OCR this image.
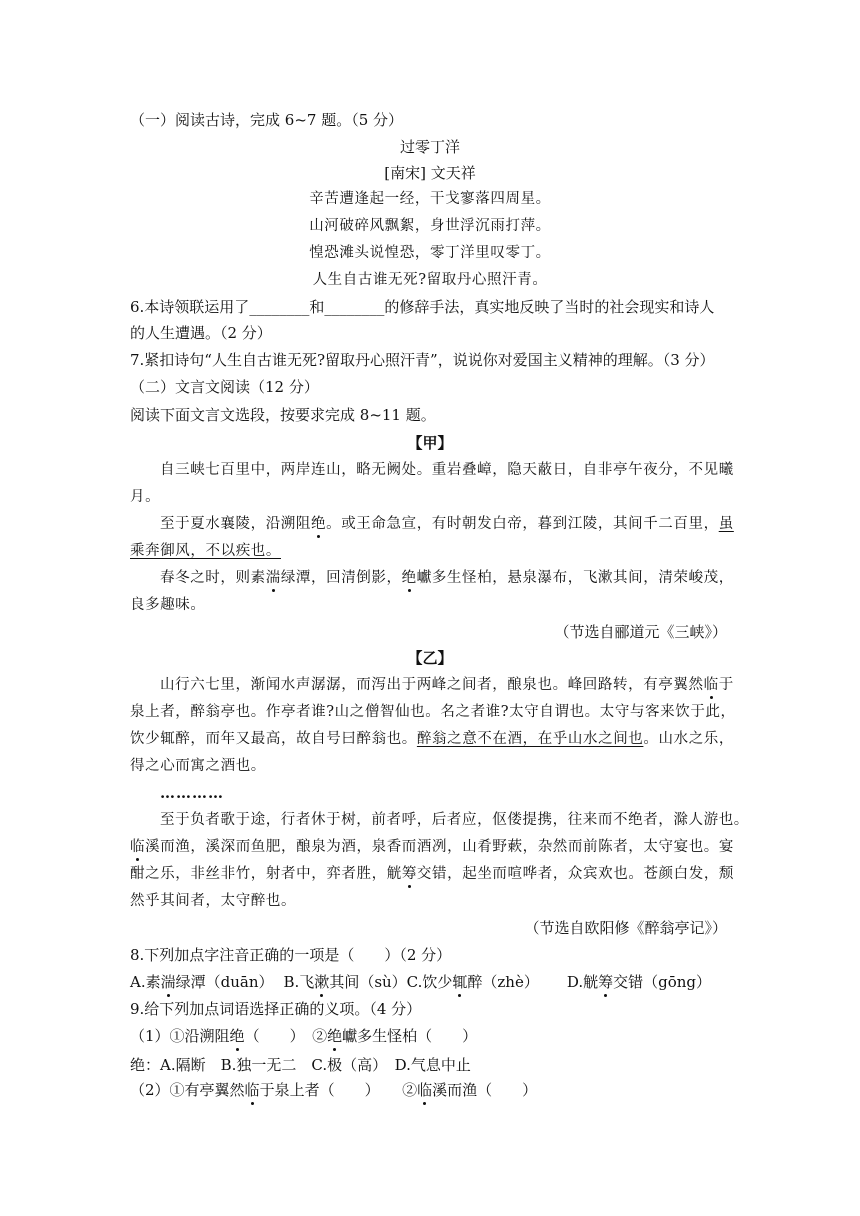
（一）阅读古诗，完成 6~7 题。（5 分）
过零丁洋
[南宋] 文天祥
辛苦遭逢起一经，干戈寥落四周星。
山河破碎风飘絮，身世浮沉雨打萍。
惶恐滩头说惶恐，零丁洋里叹零丁。
人生自古谁无死?留取丹心照汗青。
6.本诗领联运用了________和________的修辞手法，真实地反映了当时的社会现实和诗人
的人生遭遇。（2 分）
7.紧扣诗句“人生自古谁无死?留取丹心照汗青”，说说你对爱国主义精神的理解。（3 分）
（二）文言文阅读（12 分）
阅读下面文言文选段，按要求完成 8~11 题。
【甲】
自三峡七百里中，两岸连山，略无阙处。重岩叠嶂，隐天蔽日，自非亭午夜分，不见曦
月。
至于夏水襄陵，沿溯阻绝。或王命急宣，有时朝发白帝，暮到江陵，其间千二百里，虽
乘奔御风，不以疾也。
春冬之时，则素湍绿潭，回清倒影，绝巘多生怪柏，悬泉瀑布，飞漱其间，清荣峻茂，
良多趣味。
（节选自郦道元《三峡》）
【乙】
山行六七里，渐闻水声潺潺，而泻出于两峰之间者，酿泉也。峰回路转，有亭翼然临于
泉上者，醉翁亭也。作亭者谁?山之僧智仙也。名之者谁?太守自谓也。太守与客来饮于此，
饮少辄醉，而年又最高，故自号曰醉翁也。醉翁之意不在酒，在乎山水之间也。山水之乐，
得之心而寓之酒也。
…………
至于负者歌于途，行者休于树，前者呼，后者应，伛偻提携，往来而不绝者，滁人游也。
临溪而渔，溪深而鱼肥，酿泉为酒，泉香而酒冽，山肴野蔌，杂然而前陈者，太守宴也。宴
酣之乐，非丝非竹，射者中，弈者胜，觥筹交错，起坐而喧哗者，众宾欢也。苍颜白发，颓
然乎其间者，太守醉也。
（节选自欧阳修《醉翁亭记》）
8.下列加点字注音正确的一项是（　　）（2 分）
A.素湍绿潭（duān） B.飞漱其间（sù）C.饮少辄醉（zhè） D.觥筹交错（gōng）
9.给下列加点词语选择正确的义项。（4 分）
（1）①沿溯阻绝（　　）　②绝巘多生怪柏（　　）
绝：A.隔断　B.独一无二　C.极（高）　D.气息中止
（2）①有亭翼然临于泉上者（　　）　　②临溪而渔（　　）
